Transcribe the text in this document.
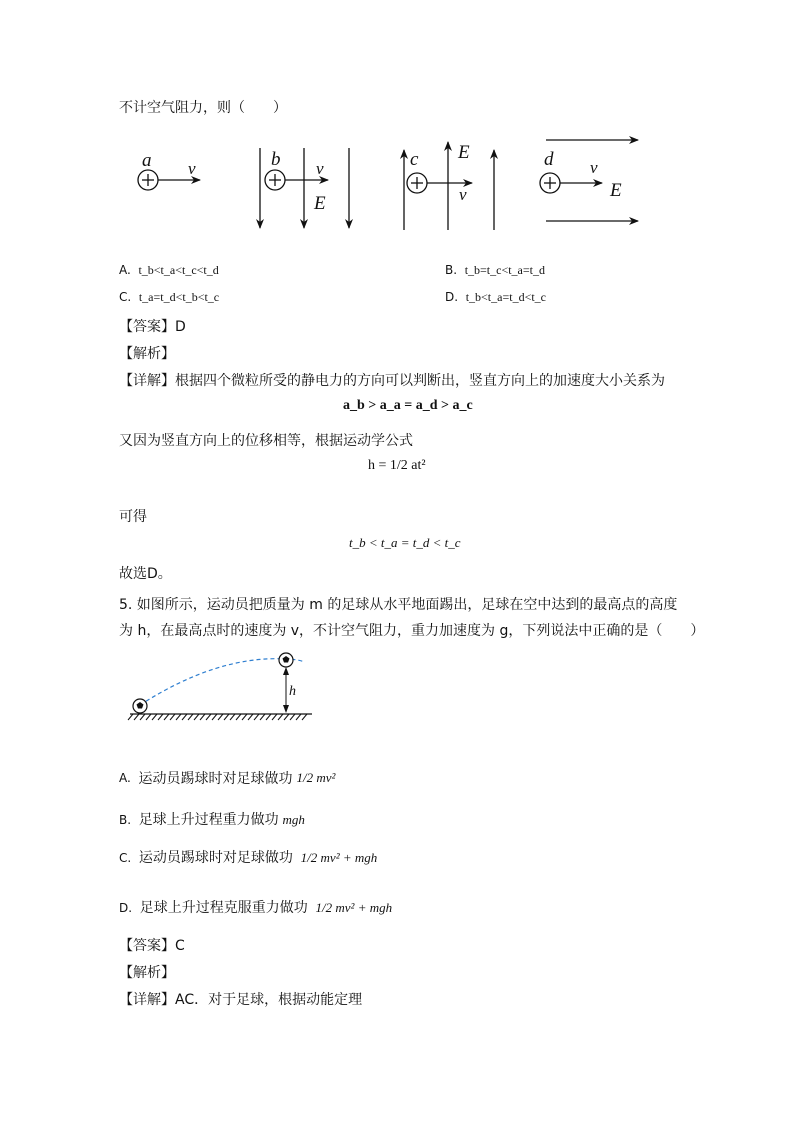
不计空气阻力，则（　　）
a v	b v
E
c E
v
d v
E
A. t_b<t_a<t_c<t_d	B. t_b=t_c<t_a=t_d
C. t_a=t_d<t_b<t_c	D. t_b<t_a=t_d<t_c
【答案】D
【解析】
【详解】根据四个微粒所受的静电力的方向可以判断出，竖直方向上的加速度大小关系为
a_b > a_a = a_d > a_c
又因为竖直方向上的位移相等，根据运动学公式
h = 1/2 at²
可得
t_b < t_a = t_d < t_c
故选D。
5. 如图所示，运动员把质量为 m 的足球从水平地面踢出，足球在空中达到的最高点的高度
为 h，在最高点时的速度为 v，不计空气阻力，重力加速度为 g，下列说法中正确的是（　　）
h
A.
运动员踢球时对足球做功 1/2 mv²
B. 足球上升过程重力做功 mgh
C. 运动员踢球时对足球做功 1/2 mv² + mgh
D. 足球上升过程克服重力做功 1/2 mv² + mgh
【答案】C
【解析】
【详解】AC．对于足球，根据动能定理
